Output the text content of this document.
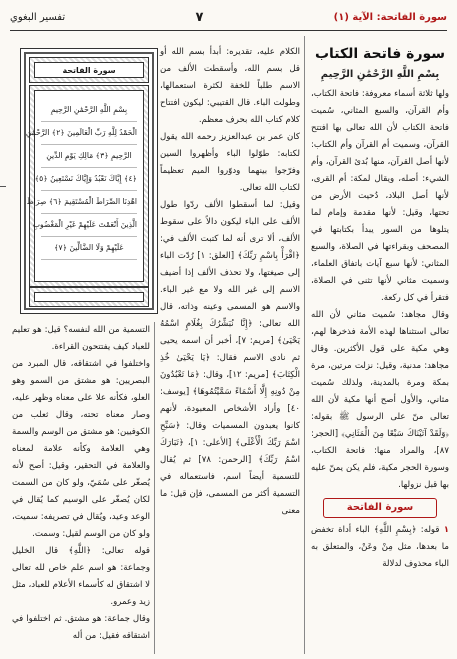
سورة الفاتحة: الآية (١)
٧
تفسير البغوي
سورة فاتحة الكتاب
بِسْمِ اللَّهِ الرَّحْمَٰنِ الرَّحِيمِ

ولها ثلاثة أسماء معروفة: فاتحة الكتاب، وأم القرآن، والسبع المثاني، سُميت فاتحة الكتاب لأن الله تعالى بها افتتح القرآن، وسميت أم القرآن وأم الكتاب: لأنها أصل القرآن، منها بُدئ القرآن، وأم الشيء: أصله، ويقال لمكة: أم القرى، لأنها أصل البلاد، دُحيت الأرض من تحتها، وقيل: لأنها مقدمة وإمام لما يتلوها من السور يبدأ بكتابتها في المصحف وبقراءتها في الصلاة، والسبع المثاني: لأنها سبع آيات باتفاق العلماء، وسميت مثاني لأنها تثنى في الصلاة، فتقرأ في كل ركعة.

وقال مجاهد: سُميت مثاني لأن الله تعالى استثناها لهذه الأمة فذخرها لهم، وهي مكية على قول الأكثرين. وقال مجاهد: مدنية، وقيل: نزلت مرتين، مرة بمكة ومرة بالمدينة، ولذلك سُميت مثاني، والأول أصح أنها مكية لأن الله تعالى منّ على الرسول ﷺ بقوله: ﴿وَلَقَدْ آتَيْنَاكَ سَبْعًا مِنَ الْمَثَانِي﴾ [الحجر: ٨٧]، والمراد منها: فاتحة الكتاب، وسورة الحجر مكية، فلم يكن يمنّ عليه بها قبل نزولها.

سورة الفاتحة

١ قوله: ﴿بِسْمِ اللَّهِ﴾ الباء أداة تخفض ما بعدها، مثل مِنْ وعَنْ، والمتعلق به الباء محذوف لدلالة

الكلام عليه، تقديره: أبدأ بسم الله أو قل بسم الله، وأسقطت الألف من الاسم طلباً للخفة لكثرة استعمالها، وطولت الباء. قال القتيبي: ليكون افتتاح كلام كتاب الله بحرف معظم.

كان عمر بن عبدالعزيز رحمه الله يقول لكتابه: طوّلوا الباء وأظهروا السين وفرّجوا بينهما ودوّروا الميم تعظيماً لكتاب الله تعالى.

وقيل: لما أسقطوا الألف ردّوا طول الألف على الباء ليكون دالاً على سقوط الألف، ألا ترى أنه لما كتبت الألف في: ﴿اقْرَأْ بِاسْمِ رَبِّكَ﴾ [العلق: ١] رُدّت الباء إلى صيغتها، ولا تحذف الألف إذا أضيف الاسم إلى غير الله ولا مع غير الباء. والاسم هو المسمى وعينه وذاته، قال الله تعالى: ﴿إِنَّا نُبَشِّرُكَ بِغُلَامٍ اسْمُهُ يَحْيَىٰ﴾ [مريم: ٧]، أخبر أن اسمه يحيى ثم نادى الاسم فقال: ﴿يَا يَحْيَىٰ خُذِ الْكِتَابَ﴾ [مريم: ١٢]، وقال: ﴿مَا تَعْبُدُونَ مِنْ دُونِهِ إِلَّا أَسْمَاءً سَمَّيْتُمُوهَا﴾ [يوسف: ٤٠] وأراد الأشخاص المعبودة، لأنهم كانوا يعبدون المسميات وقال: ﴿سَبِّحِ اسْمَ رَبِّكَ الْأَعْلَى﴾ [الأعلى: ١]، ﴿تَبَارَكَ اسْمُ رَبِّكَ﴾ [الرحمن: ٧٨] ثم يُقال للتسمية أيضاً اسم، فاستعماله في التسمية أكثر من المسمى، فإن قيل: ما معنى

سورة الفاتحة
بِسْمِ اللَّهِ الرَّحْمَٰنِ الرَّحِيمِ
الْحَمْدُ لِلَّهِ رَبِّ الْعَالَمِينَ ﴿٢﴾ الرَّحْمَٰنِ
الرَّحِيمِ ﴿٣﴾ مَالِكِ يَوْمِ الدِّينِ
﴿٤﴾ إِيَّاكَ نَعْبُدُ وَإِيَّاكَ نَسْتَعِينُ ﴿٥﴾
اهْدِنَا الصِّرَاطَ الْمُسْتَقِيمَ ﴿٦﴾ صِرَاطَ
الَّذِينَ أَنْعَمْتَ عَلَيْهِمْ غَيْرِ الْمَغْضُوبِ
عَلَيْهِمْ وَلَا الضَّالِّينَ ﴿٧﴾

التسمية من الله لنفسه؟ قيل: هو تعليم للعباد كيف يفتتحون القراءة.

واختلفوا في اشتقاقه، قال المبرد من البصريين: هو مشتق من السمو وهو العلو، فكأنه علا على معناه وظهر عليه، وصار معناه تحته، وقال ثعلب من الكوفيين: هو مشتق من الوسم والسمة وهي العلامة وكأنه علامة لمعناه والعلامة في التحقير، وقيل: أصح لأنه يُصغّر على سُمَيّ، ولو كان من السمت لكان يُصغّر على الوسيم كما يُقال في الوعد وعيد، ويُقال في تصريفه: سميت، ولو كان من الوسم لقيل: وسمت.

قوله تعالى: ﴿اللَّهِ﴾ قال الخليل وجماعة: هو اسم علم خاص لله تعالى لا اشتقاق له كأسماء الأعلام للعباد، مثل زيد وعمرو.

وقال جماعة: هو مشتق. ثم اختلفوا في اشتقاقه فقيل: من أله
